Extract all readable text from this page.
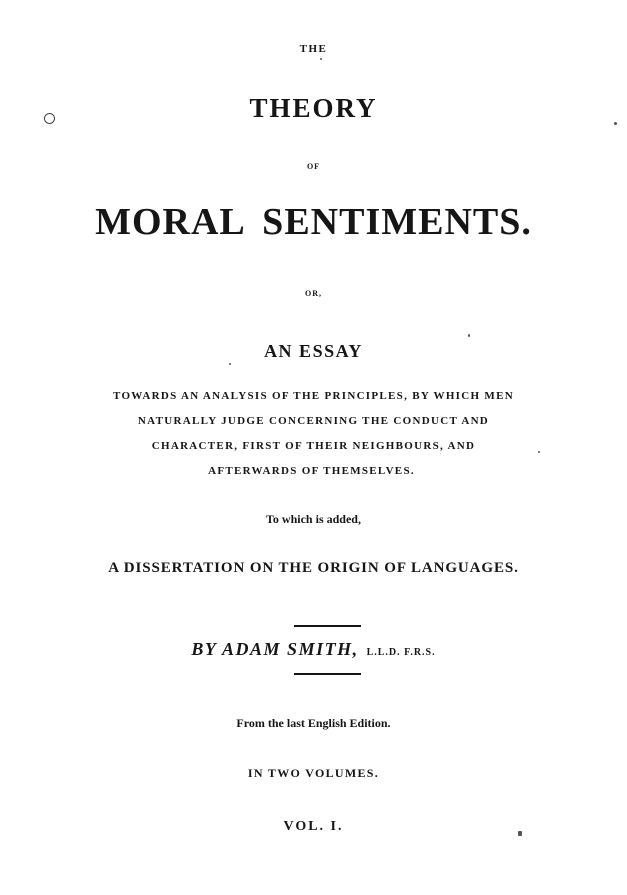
THE
THEORY
OF
MORAL SENTIMENTS.
OR,
AN ESSAY
TOWARDS AN ANALYSIS OF THE PRINCIPLES, BY WHICH MEN
NATURALLY JUDGE CONCERNING THE CONDUCT AND
CHARACTER, FIRST OF THEIR NEIGHBOURS, AND
AFTERWARDS OF THEMSELVES.
To which is added,
A DISSERTATION ON THE ORIGIN OF LANGUAGES.
BY ADAM SMITH, L.L.D. F.R.S.
From the last English Edition.
IN TWO VOLUMES.
VOL. I.
